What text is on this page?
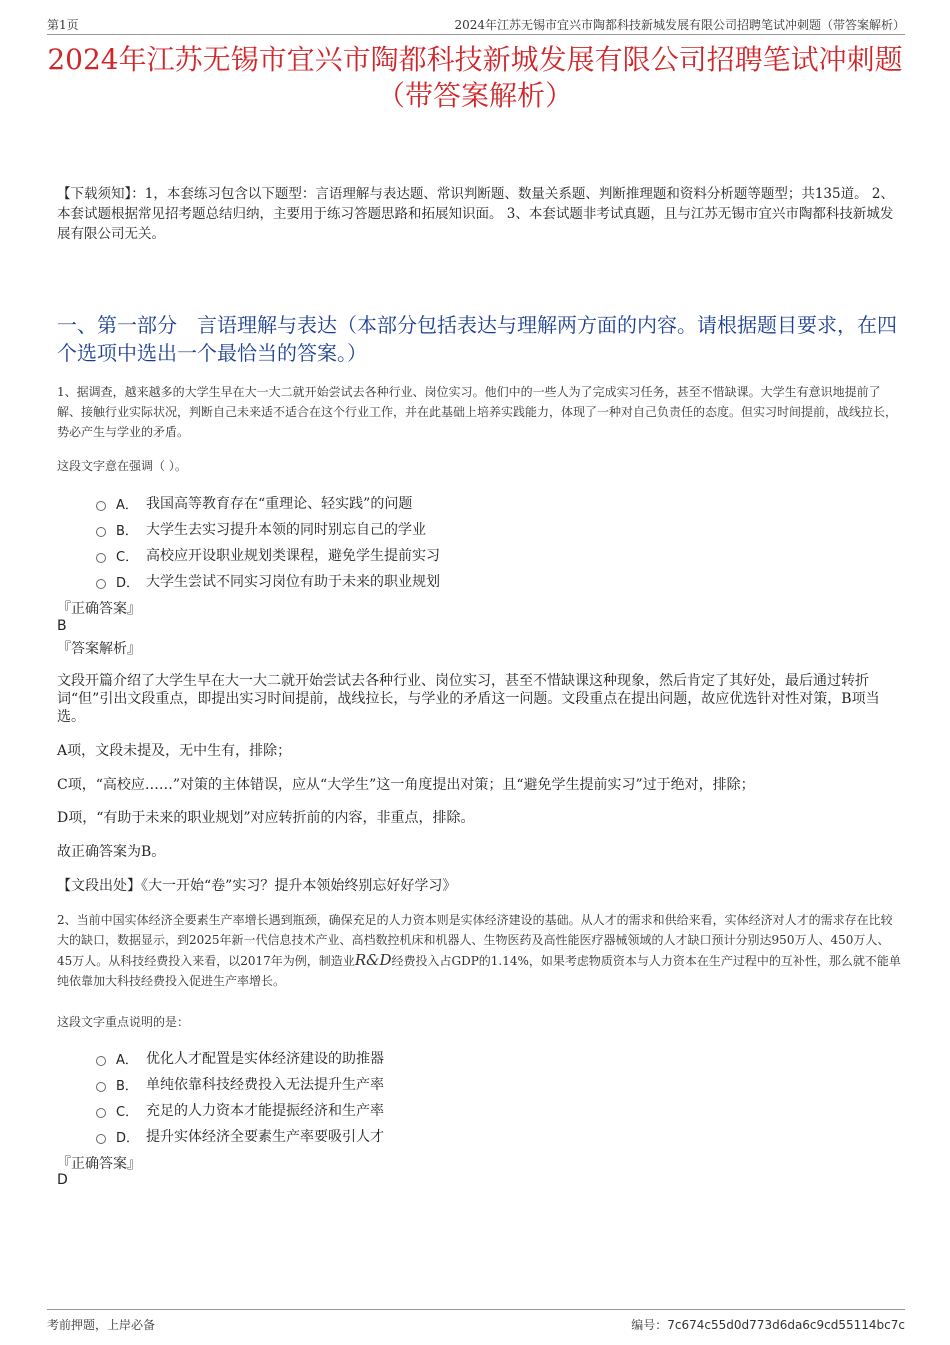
第1页	2024年江苏无锡市宜兴市陶都科技新城发展有限公司招聘笔试冲刺题（带答案解析）
2024年江苏无锡市宜兴市陶都科技新城发展有限公司招聘笔试冲刺题（带答案解析）
【下载须知】：1，本套练习包含以下题型：言语理解与表达题、常识判断题、数量关系题、判断推理题和资料分析题等题型；共135道。 2、本套试题根据常见招考题总结归纳，主要用于练习答题思路和拓展知识面。 3、本套试题非考试真题，且与江苏无锡市宜兴市陶都科技新城发展有限公司无关。
一、第一部分　言语理解与表达（本部分包括表达与理解两方面的内容。请根据题目要求，在四个选项中选出一个最恰当的答案。）
1、据调查，越来越多的大学生早在大一大二就开始尝试去各种行业、岗位实习。他们中的一些人为了完成实习任务，甚至不惜缺课。大学生有意识地提前了解、接触行业实际状况，判断自己未来适不适合在这个行业工作，并在此基础上培养实践能力，体现了一种对自己负责任的态度。但实习时间提前，战线拉长，势必产生与学业的矛盾。
这段文字意在强调（ ）。
A． 我国高等教育存在“重理论、轻实践”的问题
B． 大学生去实习提升本领的同时别忘自己的学业
C． 高校应开设职业规划类课程，避免学生提前实习
D． 大学生尝试不同实习岗位有助于未来的职业规划
『正确答案』
B
『答案解析』
文段开篇介绍了大学生早在大一大二就开始尝试去各种行业、岗位实习，甚至不惜缺课这种现象，然后肯定了其好处，最后通过转折词“但”引出文段重点，即提出实习时间提前，战线拉长，与学业的矛盾这一问题。文段重点在提出问题，故应优选针对性对策，B项当选。
A项，文段未提及，无中生有，排除；
C项，“高校应……”对策的主体错误，应从“大学生”这一角度提出对策；且“避免学生提前实习”过于绝对，排除；
D项，“有助于未来的职业规划”对应转折前的内容，非重点，排除。
故正确答案为B。
【文段出处】《大一开始“卷”实习？提升本领始终别忘好好学习》
2、当前中国实体经济全要素生产率增长遇到瓶颈，确保充足的人力资本则是实体经济建设的基础。从人才的需求和供给来看，实体经济对人才的需求存在比较大的缺口，数据显示，到2025年新一代信息技术产业、高档数控机床和机器人、生物医药及高性能医疗器械领域的人才缺口预计分别达950万人、450万人、45万人。从科技经费投入来看，以2017年为例，制造业R&D经费投入占GDP的1.14%，如果考虑物质资本与人力资本在生产过程中的互补性，那么就不能单纯依靠加大科技经费投入促进生产率增长。
这段文字重点说明的是：
A． 优化人才配置是实体经济建设的助推器
B． 单纯依靠科技经费投入无法提升生产率
C． 充足的人力资本才能提振经济和生产率
D． 提升实体经济全要素生产率要吸引人才
『正确答案』
D
考前押题，上岸必备	编号：7c674c55d0d773d6da6c9cd55114bc7c
